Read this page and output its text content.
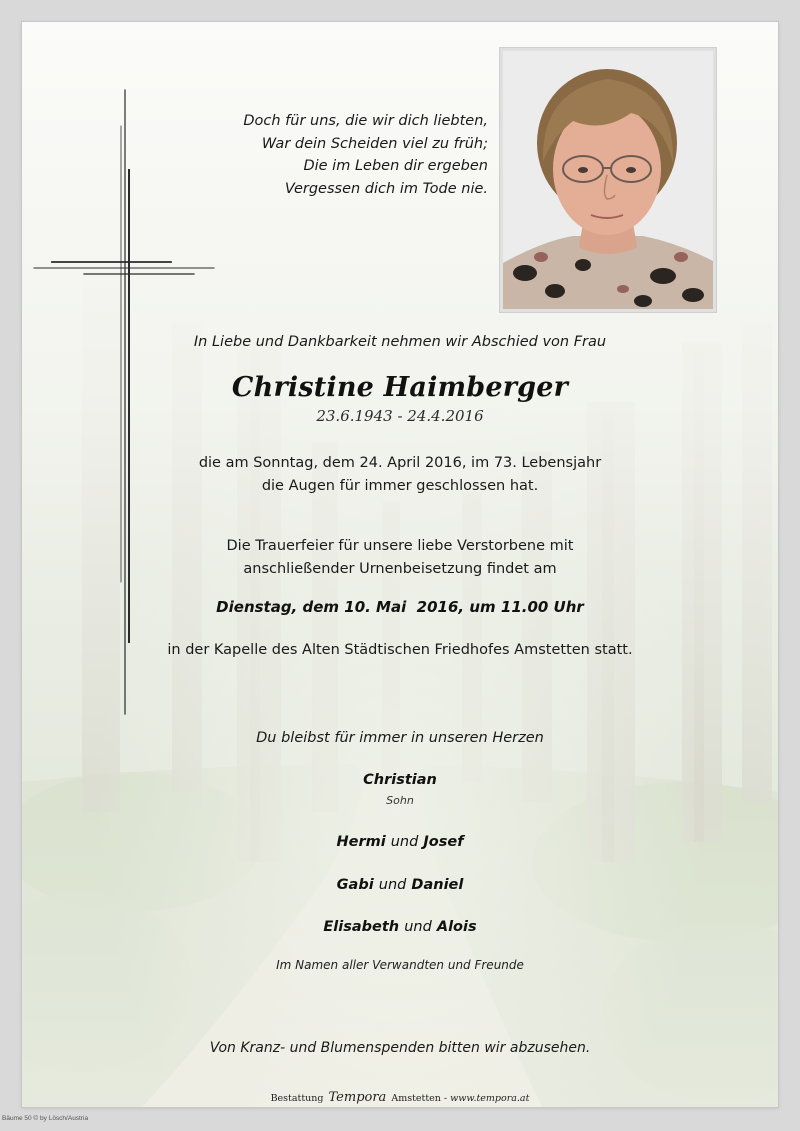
Doch für uns, die wir dich liebten,
War dein Scheiden viel zu früh;
Die im Leben dir ergeben
Vergessen dich im Tode nie.
In Liebe und Dankbarkeit nehmen wir Abschied von Frau
Christine Haimberger
23.6.1943 - 24.4.2016
die am Sonntag, dem 24. April 2016, im 73. Lebensjahr
die Augen für immer geschlossen hat.
Die Trauerfeier für unsere liebe Verstorbene mit
anschließender Urnenbeisetzung findet am
Dienstag, dem 10. Mai  2016, um 11.00 Uhr
in der Kapelle des Alten Städtischen Friedhofes Amstetten statt.
Du bleibst für immer in unseren Herzen
Christian
Sohn
Hermi und Josef
Gabi und Daniel
Elisabeth und Alois
Im Namen aller Verwandten und Freunde
Von Kranz- und Blumenspenden bitten wir abzusehen.
Bestattung Tempora Amstetten - www.tempora.at
Bäume 50 © by Lösch/Austria
